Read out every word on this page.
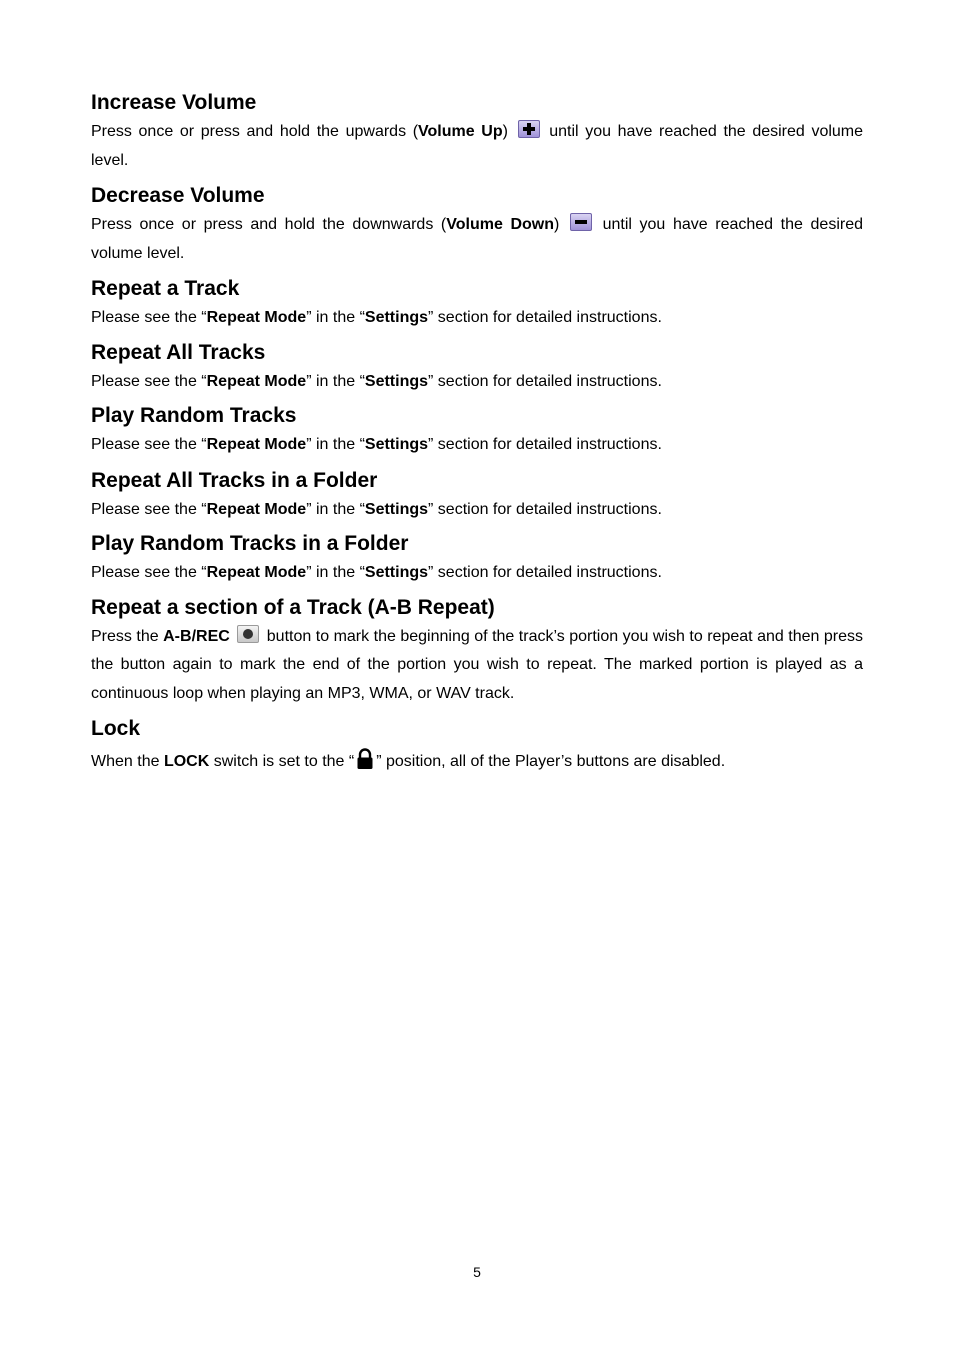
Increase Volume

Press once or press and hold the upwards (Volume Up)  until you have reached the desired volume level.

Decrease Volume

Press once or press and hold the downwards (Volume Down)  until you have reached the desired volume level.

Repeat a Track

Please see the “Repeat Mode” in the “Settings” section for detailed instructions.

Repeat All Tracks

Please see the “Repeat Mode” in the “Settings” section for detailed instructions.

Play Random Tracks

Please see the “Repeat Mode” in the “Settings” section for detailed instructions.

Repeat All Tracks in a Folder

Please see the “Repeat Mode” in the “Settings” section for detailed instructions.

Play Random Tracks in a Folder

Please see the “Repeat Mode” in the “Settings” section for detailed instructions.

Repeat a section of a Track (A-B Repeat)

Press the A-B/REC  button to mark the beginning of the track’s portion you wish to repeat and then press the button again to mark the end of the portion you wish to repeat. The marked portion is played as a continuous loop when playing an MP3, WMA, or WAV track.

Lock

When the LOCK switch is set to the “ ” position, all of the Player’s buttons are disabled.

5
